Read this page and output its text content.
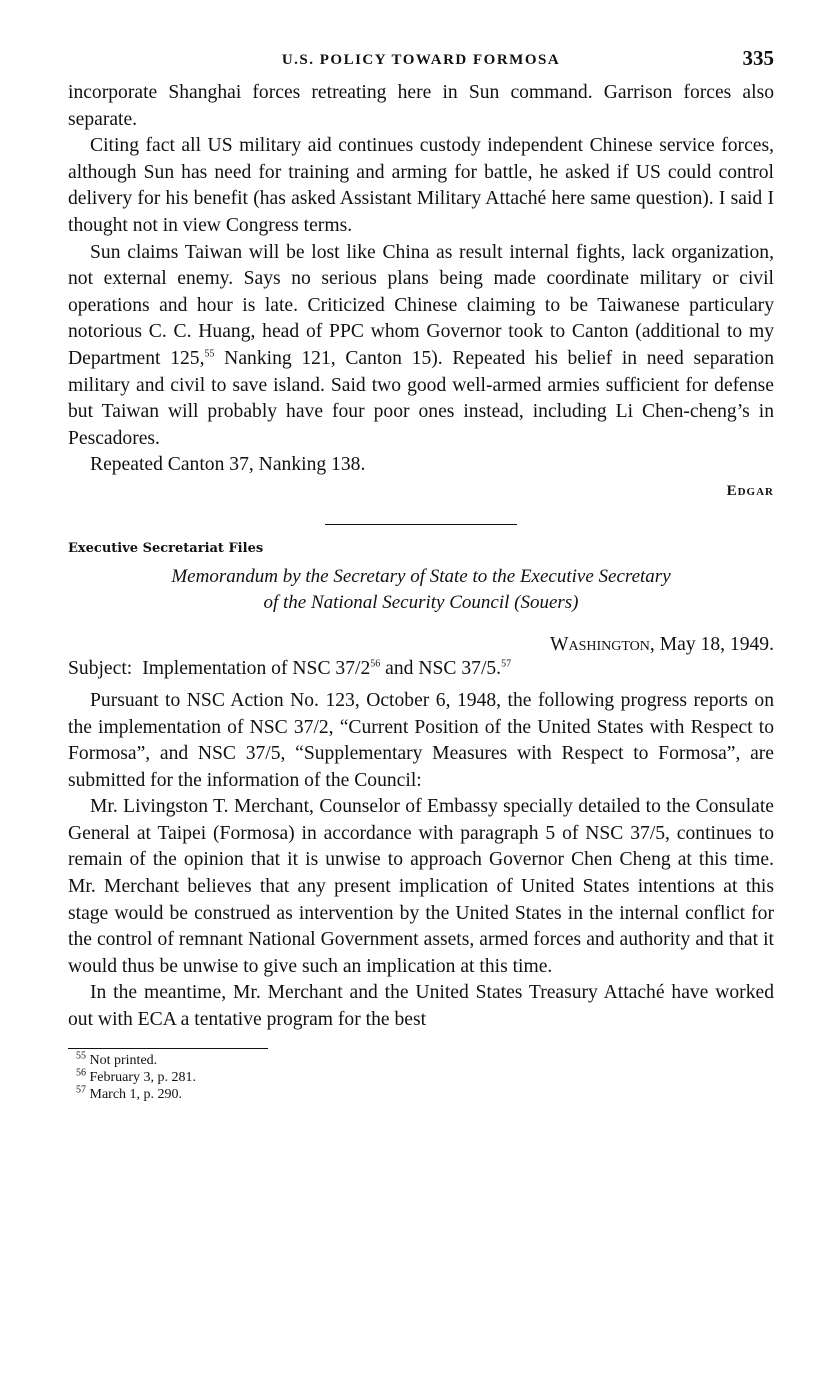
U.S. POLICY TOWARD FORMOSA	335

incorporate Shanghai forces retreating here in Sun command. Garrison forces also separate.

Citing fact all US military aid continues custody independent Chinese service forces, although Sun has need for training and arming for battle, he asked if US could control delivery for his benefit (has asked Assistant Military Attaché here same question). I said I thought not in view Congress terms.

Sun claims Taiwan will be lost like China as result internal fights, lack organization, not external enemy. Says no serious plans being made coordinate military or civil operations and hour is late. Criticized Chinese claiming to be Taiwanese particulary notorious C. C. Huang, head of PPC whom Governor took to Canton (additional to my Department 125,55 Nanking 121, Canton 15). Repeated his belief in need separation military and civil to save island. Said two good well-armed armies sufficient for defense but Taiwan will probably have four poor ones instead, including Li Chen-cheng’s in Pescadores.

Repeated Canton 37, Nanking 138.

Edgar
Executive Secretariat Files
Memorandum by the Secretary of State to the Executive Secretary
of the National Security Council (Souers)
Washington, May 18, 1949.
Subject: Implementation of NSC $37/2^{56}$ and NSC 37/5.57

Pursuant to NSC Action No. 123, October 6, 1948, the following progress reports on the implementation of NSC 37/2, “Current Position of the United States with Respect to Formosa”, and NSC 37/5, “Supplementary Measures with Respect to Formosa”, are submitted for the information of the Council:

Mr. Livingston T. Merchant, Counselor of Embassy specially detailed to the Consulate General at Taipei (Formosa) in accordance with paragraph 5 of NSC 37/5, continues to remain of the opinion that it is unwise to approach Governor Chen Cheng at this time. Mr. Merchant believes that any present implication of United States intentions at this stage would be construed as intervention by the United States in the internal conflict for the control of remnant National Government assets, armed forces and authority and that it would thus be unwise to give such an implication at this time.

In the meantime, Mr. Merchant and the United States Treasury Attaché have worked out with ECA a tentative program for the best

$^{55}$ Not printed.
$^{56}$ February 3, p. 281.
$^{57}$ March 1, p. 290.
